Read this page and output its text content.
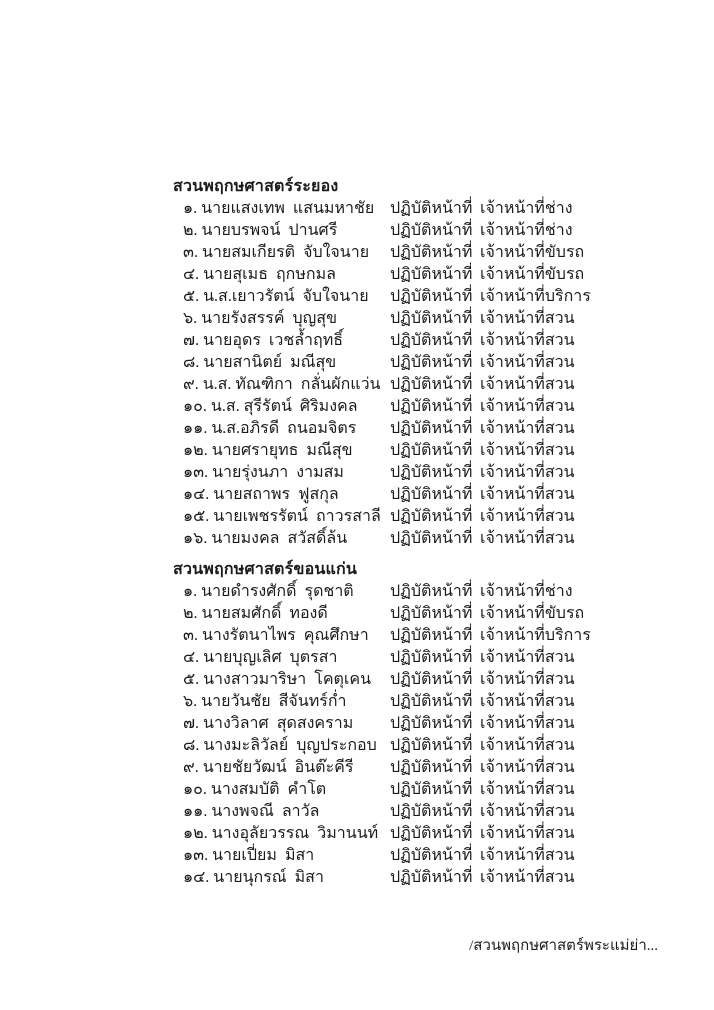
สวนพฤกษศาสตร์ระยอง
๑. นายแสงเทพ  แสนมหาชัย ปฏิบัติหน้าที่ เจ้าหน้าที่ช่าง
๒. นายบรพจน์  ปานศรี	ปฏิบัติหน้าที่ เจ้าหน้าที่ช่าง
๓. นายสมเกียรติ  จับใจนาย	ปฏิบัติหน้าที่ เจ้าหน้าที่ขับรถ
๔. นายสุเมธ  ฤกษกมล	ปฏิบัติหน้าที่ เจ้าหน้าที่ขับรถ
๕. น.ส.เยาวรัตน์  จับใจนาย	ปฏิบัติหน้าที่ เจ้าหน้าที่บริการ
๖. นายรังสรรค์  บุญสุข	ปฏิบัติหน้าที่ เจ้าหน้าที่สวน
๗. นายอุดร  เวชล้ำฤทธิ์	ปฏิบัติหน้าที่ เจ้าหน้าที่สวน
๘. นายสานิตย์  มณีสุข	ปฏิบัติหน้าที่ เจ้าหน้าที่สวน
๙. น.ส. ทัณฑิกา  กลั่นผักแว่น ปฏิบัติหน้าที่ เจ้าหน้าที่สวน
๑๐. น.ส. สุรีรัตน์  ศิริมงคล	ปฏิบัติหน้าที่ เจ้าหน้าที่สวน
๑๑. น.ส.อภิรดี  ถนอมจิตร	ปฏิบัติหน้าที่ เจ้าหน้าที่สวน
๑๒. นายศรายุทธ  มณีสุข	ปฏิบัติหน้าที่ เจ้าหน้าที่สวน
๑๓. นายรุ่งนภา  งามสม	ปฏิบัติหน้าที่ เจ้าหน้าที่สวน
๑๔. นายสถาพร  ฟูสกุล	ปฏิบัติหน้าที่ เจ้าหน้าที่สวน
๑๕. นายเพชรรัตน์  ถาวรสาลี ปฏิบัติหน้าที่ เจ้าหน้าที่สวน
๑๖. นายมงคล  สวัสดิ์ล้น	ปฏิบัติหน้าที่ เจ้าหน้าที่สวน
สวนพฤกษศาสตร์ขอนแก่น
๑. นายดำรงศักดิ์  รุดชาติ	ปฏิบัติหน้าที่ เจ้าหน้าที่ช่าง
๒. นายสมศักดิ์  ทองดี	ปฏิบัติหน้าที่ เจ้าหน้าที่ขับรถ
๓. นางรัตนาไพร  คุณศึกษา	ปฏิบัติหน้าที่ เจ้าหน้าที่บริการ
๔. นายบุญเลิศ  บุตรสา	ปฏิบัติหน้าที่ เจ้าหน้าที่สวน
๕. นางสาวมาริษา  โคตุเคน	ปฏิบัติหน้าที่ เจ้าหน้าที่สวน
๖. นายวันชัย  สีจันทร์ก่ำ	ปฏิบัติหน้าที่ เจ้าหน้าที่สวน
๗. นางวิลาศ  สุดสงคราม	ปฏิบัติหน้าที่ เจ้าหน้าที่สวน
๘. นางมะลิวัลย์  บุญประกอบ ปฏิบัติหน้าที่ เจ้าหน้าที่สวน
๙. นายชัยวัฒน์  อินต๊ะคีรี	ปฏิบัติหน้าที่ เจ้าหน้าที่สวน
๑๐. นางสมบัติ  คำโต	ปฏิบัติหน้าที่ เจ้าหน้าที่สวน
๑๑. นางพจณี  ลาวัล	ปฏิบัติหน้าที่ เจ้าหน้าที่สวน
๑๒. นางอุลัยวรรณ  วิมานนท์ ปฏิบัติหน้าที่ เจ้าหน้าที่สวน
๑๓. นายเปี่ยม  มิสา	ปฏิบัติหน้าที่ เจ้าหน้าที่สวน
๑๔. นายนุกรณ์  มิสา	ปฏิบัติหน้าที่ เจ้าหน้าที่สวน
/สวนพฤกษศาสตร์พระแม่ย่า...
